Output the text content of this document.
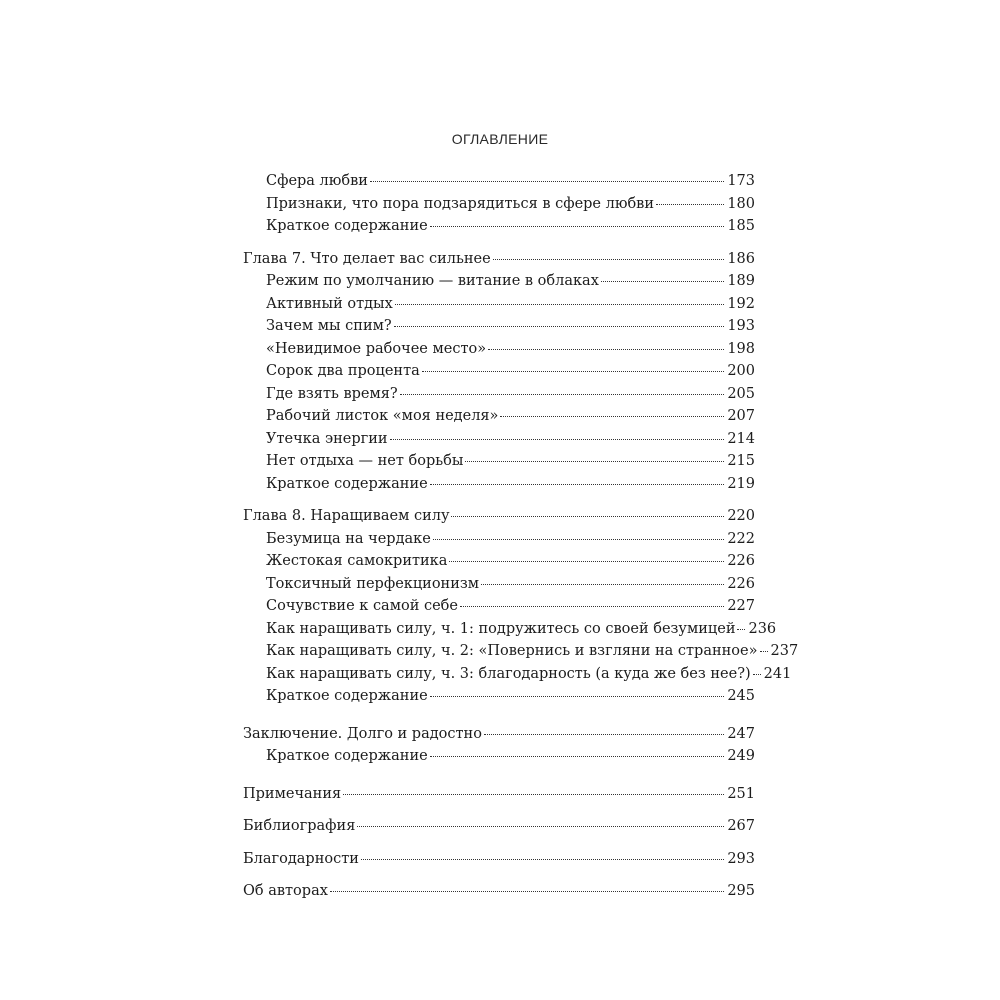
ОГЛАВЛЕНИЕ
Сфера любви	173
Признаки, что пора подзарядиться в сфере любви	180
Краткое содержание	185
Глава 7. Что делает вас сильнее	186
Режим по умолчанию — витание в облаках	189
Активный отдых	192
Зачем мы спим?	193
«Невидимое рабочее место»	198
Сорок два процента	200
Где взять время?	205
Рабочий листок «моя неделя»	207
Утечка энергии	214
Нет отдыха — нет борьбы	215
Краткое содержание	219
Глава 8. Наращиваем силу	220
Безумица на чердаке	222
Жестокая самокритика	226
Токсичный перфекционизм	226
Сочувствие к самой себе	227
Как наращивать силу, ч. 1: подружитесь со своей безумицей 236
Как наращивать силу, ч. 2: «Повернись и взгляни на странное» 237
Как наращивать силу, ч. 3: благодарность (а куда же без нее?) 241
Краткое содержание	245
Заключение. Долго и радостно	247
Краткое содержание	249
Примечания	251
Библиография	267
Благодарности	293
Об авторах	295
